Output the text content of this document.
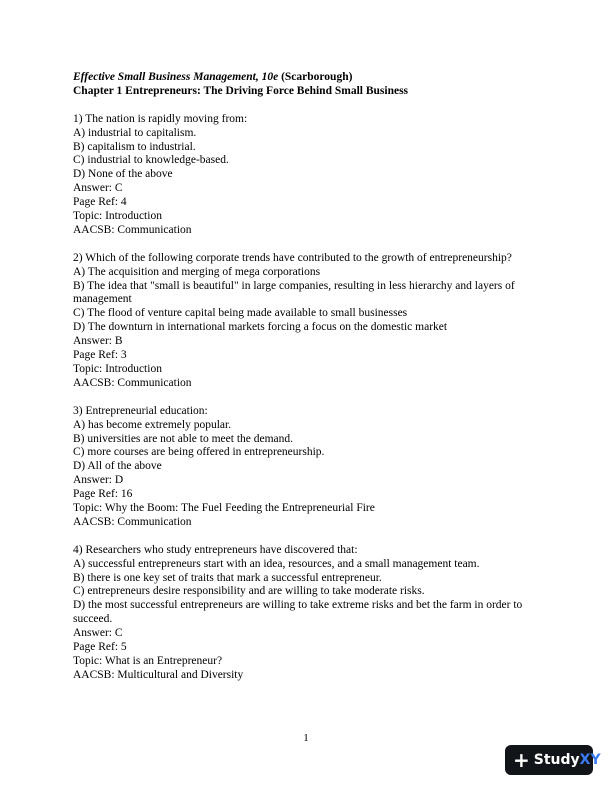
Effective Small Business Management, 10e (Scarborough)
Chapter 1 Entrepreneurs: The Driving Force Behind Small Business
1) The nation is rapidly moving from:
A) industrial to capitalism.
B) capitalism to industrial.
C) industrial to knowledge-based.
D) None of the above
Answer: C
Page Ref: 4
Topic: Introduction
AACSB: Communication
2) Which of the following corporate trends have contributed to the growth of entrepreneurship?
A) The acquisition and merging of mega corporations
B) The idea that "small is beautiful" in large companies, resulting in less hierarchy and layers of management
C) The flood of venture capital being made available to small businesses
D) The downturn in international markets forcing a focus on the domestic market
Answer: B
Page Ref: 3
Topic: Introduction
AACSB: Communication
3) Entrepreneurial education:
A) has become extremely popular.
B) universities are not able to meet the demand.
C) more courses are being offered in entrepreneurship.
D) All of the above
Answer: D
Page Ref: 16
Topic: Why the Boom: The Fuel Feeding the Entrepreneurial Fire
AACSB: Communication
4) Researchers who study entrepreneurs have discovered that:
A) successful entrepreneurs start with an idea, resources, and a small management team.
B) there is one key set of traits that mark a successful entrepreneur.
C) entrepreneurs desire responsibility and are willing to take moderate risks.
D) the most successful entrepreneurs are willing to take extreme risks and bet the farm in order to succeed.
Answer: C
Page Ref: 5
Topic: What is an Entrepreneur?
AACSB: Multicultural and Diversity
1
+ Study XY
